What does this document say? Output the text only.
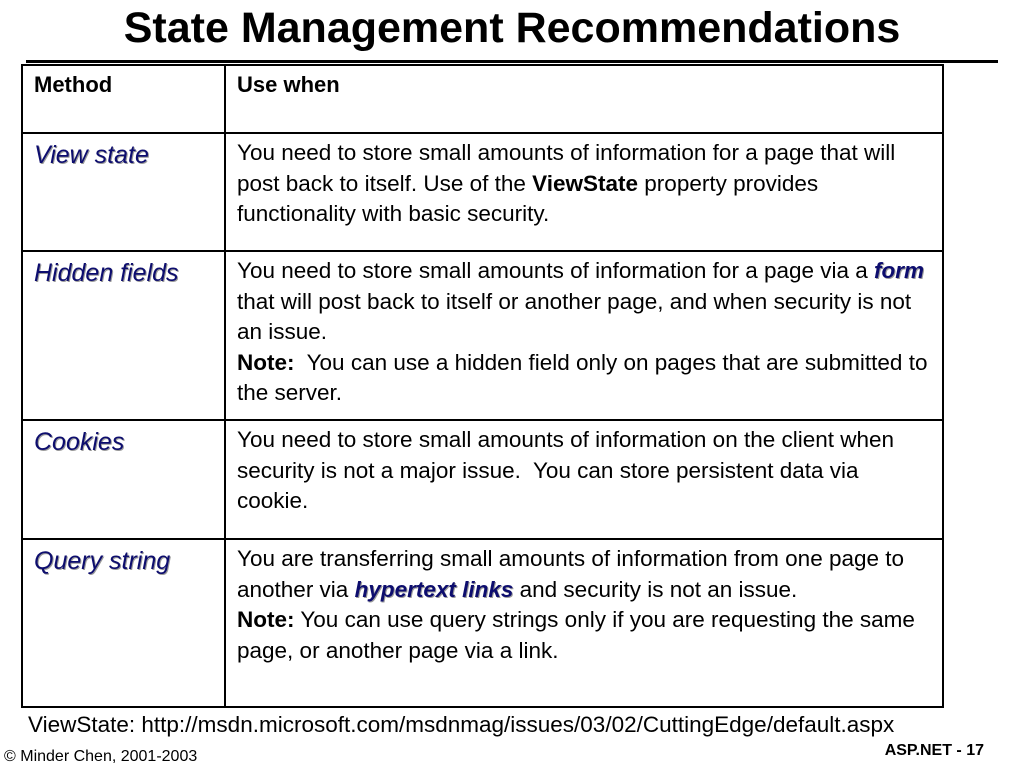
State Management Recommendations
Method	Use when
View state	You need to store small amounts of information for a page that will post back to itself. Use of the ViewState property provides functionality with basic security.
Hidden fields	You need to store small amounts of information for a page via a form that will post back to itself or another page, and when security is not an issue.
Note:  You can use a hidden field only on pages that are submitted to the server.
Cookies	You need to store small amounts of information on the client when security is not a major issue.  You can store persistent data via cookie.
Query string	You are transferring small amounts of information from one page to another via hypertext links and security is not an issue.
Note: You can use query strings only if you are requesting the same page, or another page via a link.
ViewState: http://msdn.microsoft.com/msdnmag/issues/03/02/CuttingEdge/default.aspx
© Minder Chen, 2001-2003	ASP.NET - 17
